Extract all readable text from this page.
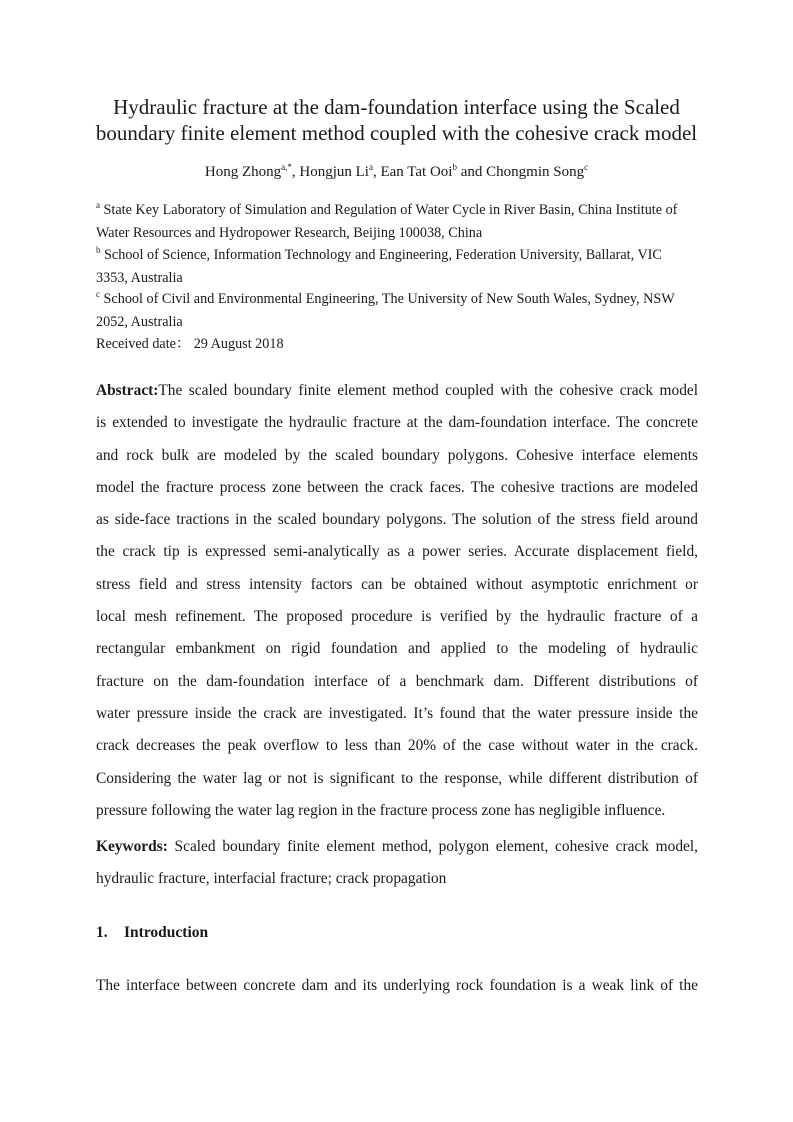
Hydraulic fracture at the dam-foundation interface using the Scaled
boundary finite element method coupled with the cohesive crack model
Hong Zhong$^{a,*}$, Hongjun Li$^a$, Ean Tat Ooi$^b$ and Chongmin Song$^c$
$^a$ State Key Laboratory of Simulation and Regulation of Water Cycle in River Basin, China Institute of
Water Resources and Hydropower Research, Beijing 100038, China
$^b$ School of Science, Information Technology and Engineering, Federation University, Ballarat, VIC
3353, Australia
$^c$ School of Civil and Environmental Engineering, The University of New South Wales, Sydney, NSW
2052, Australia
Received date： 29 August 2018
Abstract:The scaled boundary finite element method coupled with the cohesive crack model
is extended to investigate the hydraulic fracture at the dam-foundation interface. The concrete
and rock bulk are modeled by the scaled boundary polygons. Cohesive interface elements
model the fracture process zone between the crack faces. The cohesive tractions are modeled
as side-face tractions in the scaled boundary polygons. The solution of the stress field around
the crack tip is expressed semi-analytically as a power series. Accurate displacement field,
stress field and stress intensity factors can be obtained without asymptotic enrichment or
local mesh refinement. The proposed procedure is verified by the hydraulic fracture of a
rectangular embankment on rigid foundation and applied to the modeling of hydraulic
fracture on the dam-foundation interface of a benchmark dam. Different distributions of
water pressure inside the crack are investigated. It’s found that the water pressure inside the
crack decreases the peak overflow to less than 20% of the case without water in the crack.
Considering the water lag or not is significant to the response, while different distribution of
pressure following the water lag region in the fracture process zone has negligible influence.
Keywords: Scaled boundary finite element method, polygon element, cohesive crack model,
hydraulic fracture, interfacial fracture; crack propagation
1. Introduction
The interface between concrete dam and its underlying rock foundation is a weak link of the
